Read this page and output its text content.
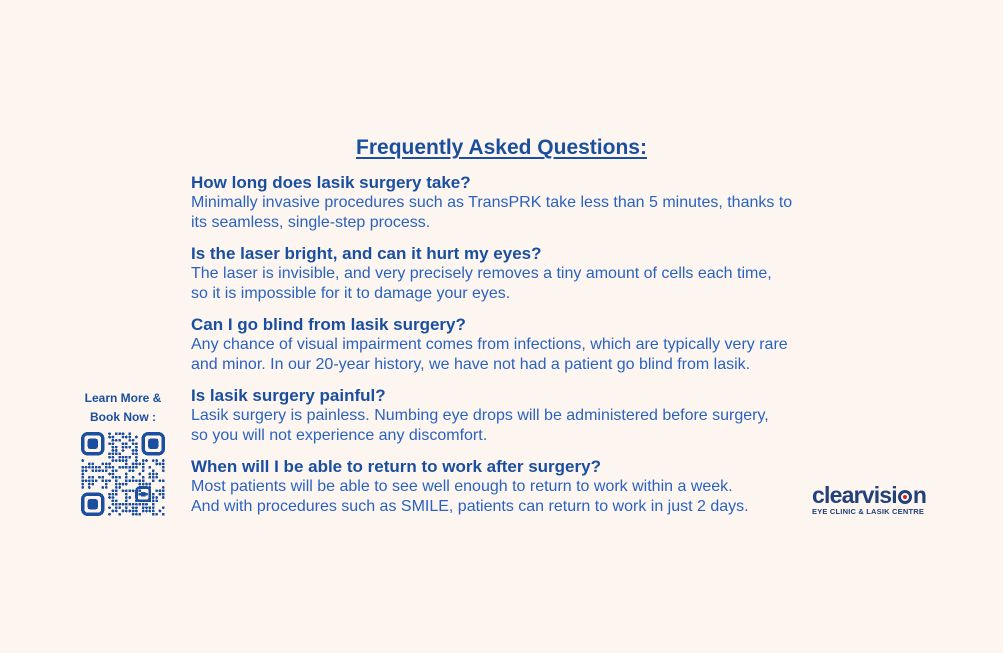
Frequently Asked Questions:
How long does lasik surgery take?
Minimally invasive procedures such as TransPRK take less than 5 minutes, thanks to
its seamless, single-step process.
Is the laser bright, and can it hurt my eyes?
The laser is invisible, and very precisely removes a tiny amount of cells each time,
so it is impossible for it to damage your eyes.
Can I go blind from lasik surgery?
Any chance of visual impairment comes from infections, which are typically very rare
and minor. In our 20-year history, we have not had a patient go blind from lasik.
Is lasik surgery painful?
Lasik surgery is painless. Numbing eye drops will be administered before surgery,
so you will not experience any discomfort.
When will I be able to return to work after surgery?
Most patients will be able to see well enough to return to work within a week.
And with procedures such as SMILE, patients can return to work in just 2 days.
Learn More &
Book Now :
clearvisi n
EYE CLINIC & LASIK CENTRE
